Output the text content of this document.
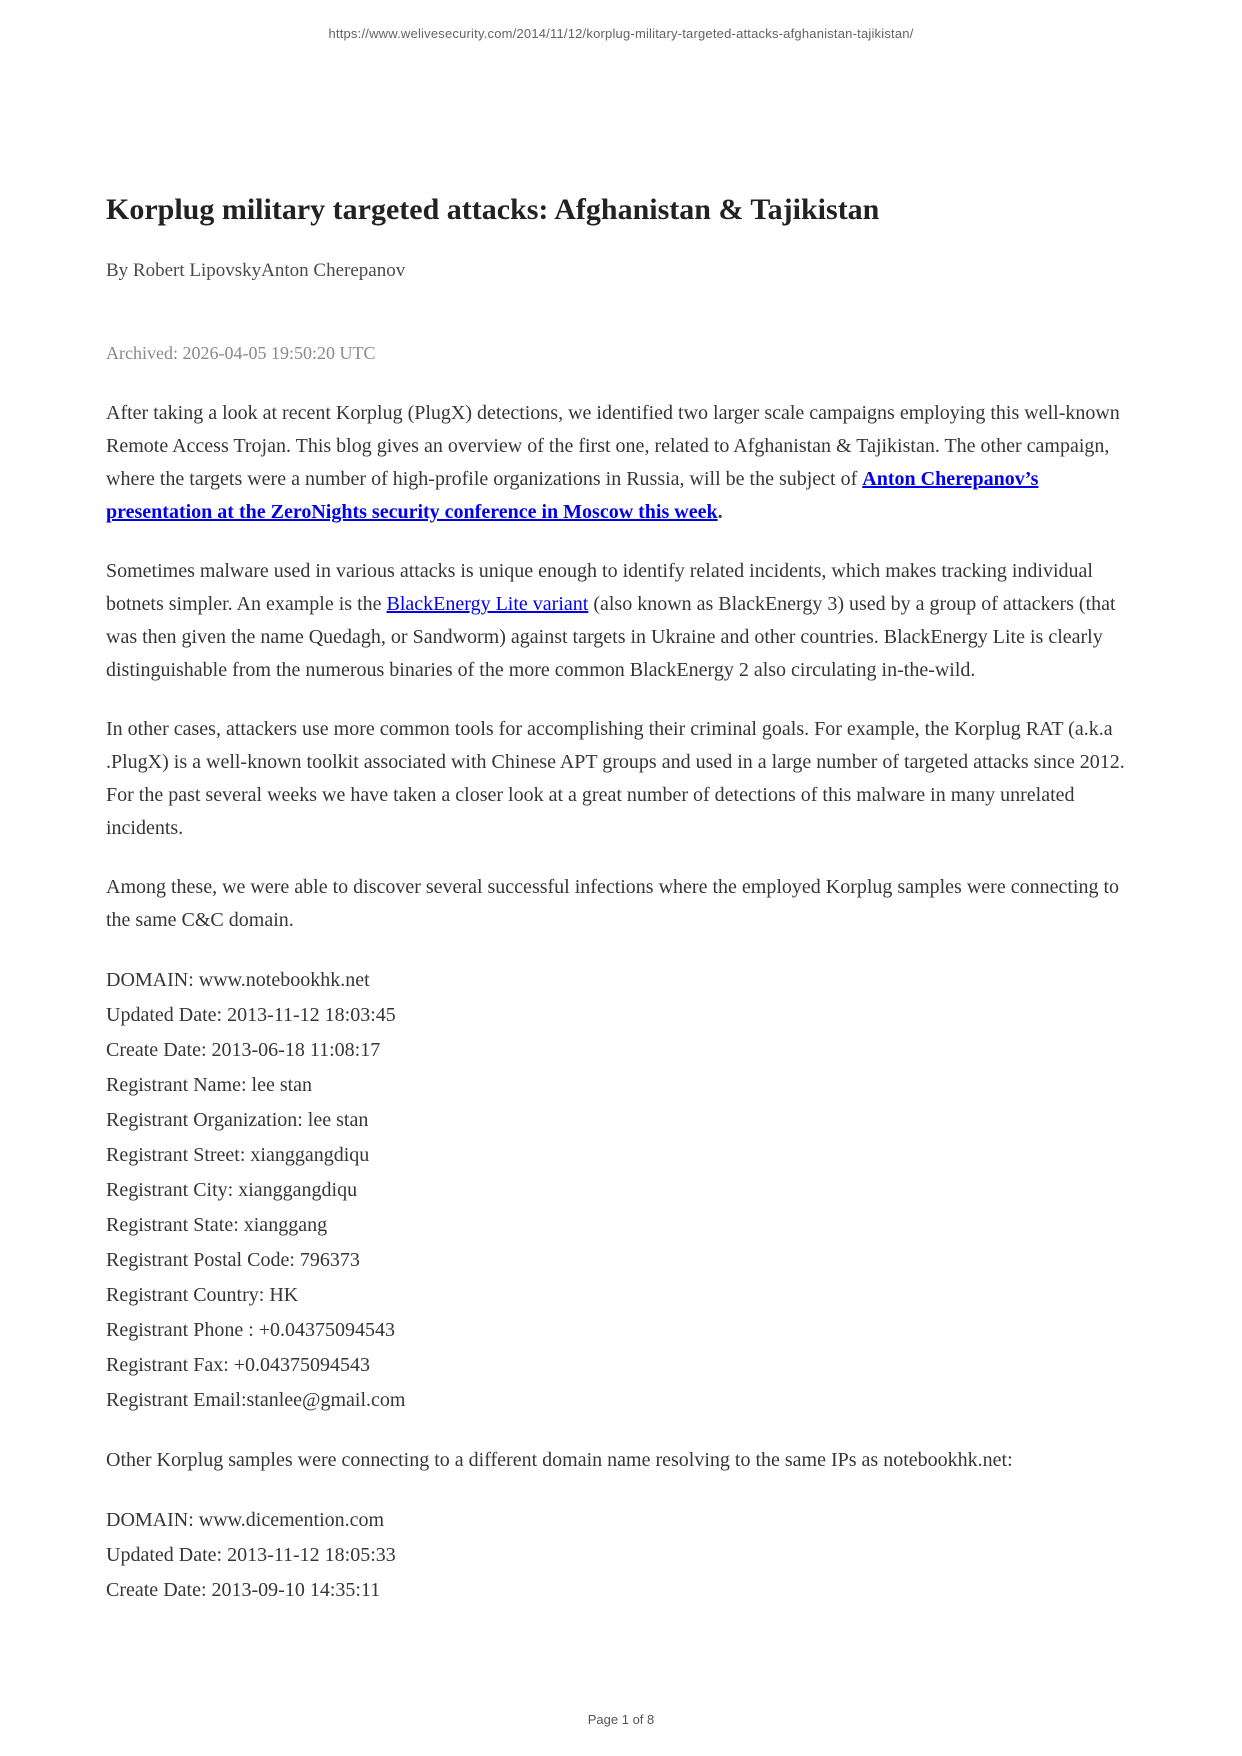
https://www.welivesecurity.com/2014/11/12/korplug-military-targeted-attacks-afghanistan-tajikistan/
Korplug military targeted attacks: Afghanistan & Tajikistan
By Robert LipovskyAnton Cherepanov
Archived: 2026-04-05 19:50:20 UTC

After taking a look at recent Korplug (PlugX) detections, we identified two larger scale campaigns employing this well-known Remote Access Trojan. This blog gives an overview of the first one, related to Afghanistan & Tajikistan. The other campaign, where the targets were a number of high-profile organizations in Russia, will be the subject of Anton Cherepanov’s presentation at the ZeroNights security conference in Moscow this week.

Sometimes malware used in various attacks is unique enough to identify related incidents, which makes tracking individual botnets simpler. An example is the BlackEnergy Lite variant (also known as BlackEnergy 3) used by a group of attackers (that was then given the name Quedagh, or Sandworm) against targets in Ukraine and other countries. BlackEnergy Lite is clearly distinguishable from the numerous binaries of the more common BlackEnergy 2 also circulating in-the-wild.

In other cases, attackers use more common tools for accomplishing their criminal goals. For example, the Korplug RAT (a.k.a .PlugX) is a well-known toolkit associated with Chinese APT groups and used in a large number of targeted attacks since 2012. For the past several weeks we have taken a closer look at a great number of detections of this malware in many unrelated incidents.

Among these, we were able to discover several successful infections where the employed Korplug samples were connecting to the same C&C domain.

DOMAIN: www.notebookhk.net
Updated Date: 2013-11-12 18:03:45
Create Date: 2013-06-18 11:08:17
Registrant Name: lee stan
Registrant Organization: lee stan
Registrant Street: xianggangdiqu
Registrant City: xianggangdiqu
Registrant State: xianggang
Registrant Postal Code: 796373
Registrant Country: HK
Registrant Phone : +0.04375094543
Registrant Fax: +0.04375094543
Registrant Email:stanlee@gmail.com

Other Korplug samples were connecting to a different domain name resolving to the same IPs as notebookhk.net:

DOMAIN: www.dicemention.com
Updated Date: 2013-11-12 18:05:33
Create Date: 2013-09-10 14:35:11

Page 1 of 8
